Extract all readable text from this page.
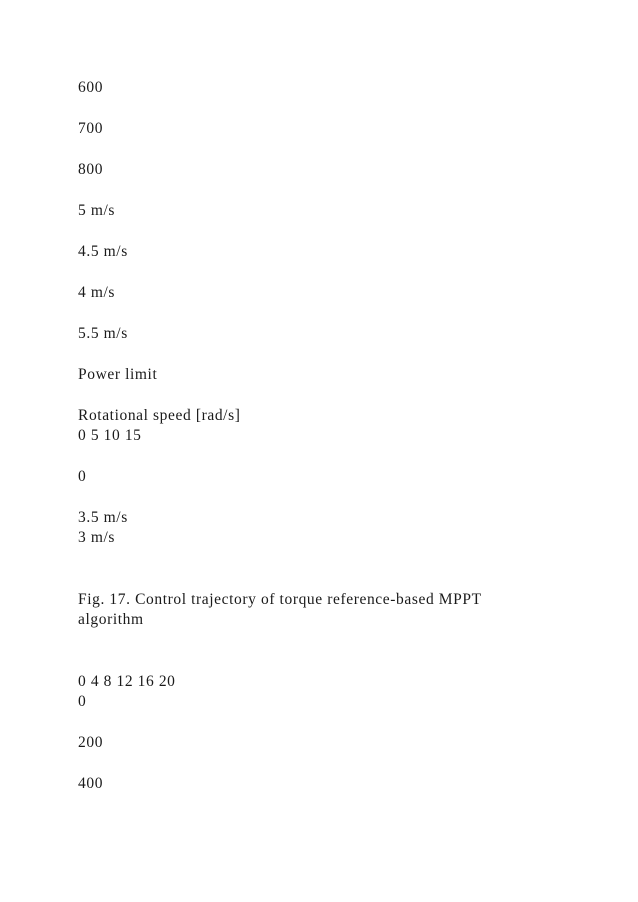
600
700
800
5 m/s
4.5 m/s
4 m/s
5.5 m/s
Power limit
Rotational speed [rad/s]
0 5 10 15
0
3.5 m/s
3 m/s
Fig. 17. Control trajectory of torque reference-based MPPT
algorithm
0 4 8 12 16 20
0
200
400
